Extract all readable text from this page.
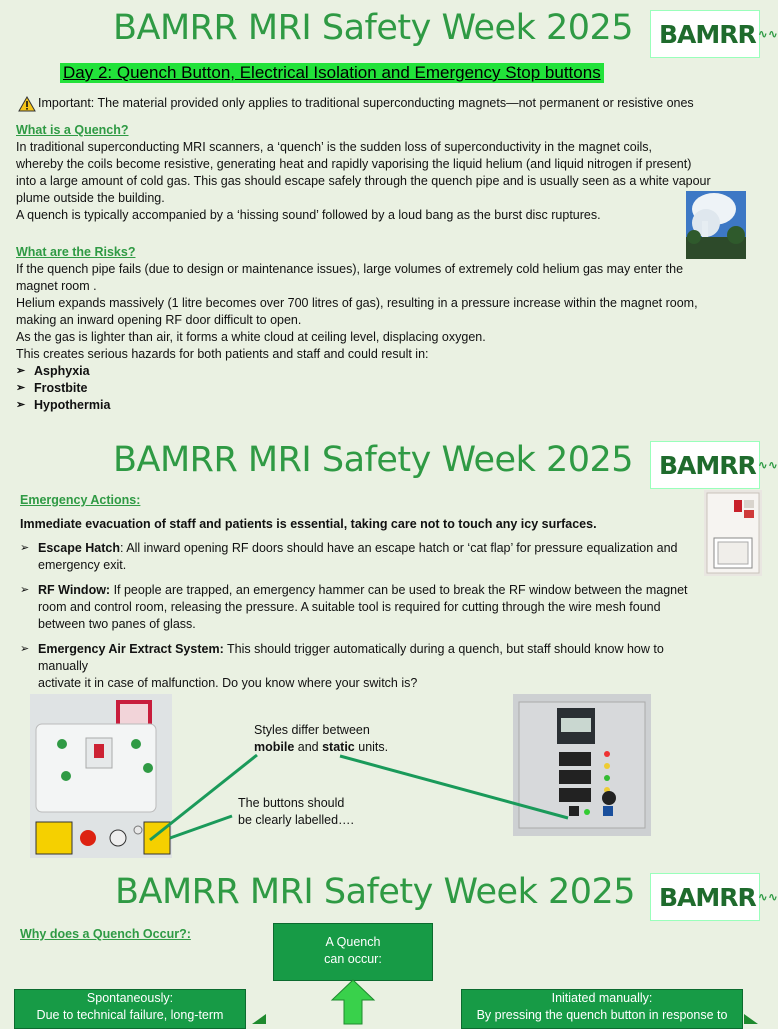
BAMRR MRI Safety Week 2025 BAMRR ∿∿
Day 2: Quench Button, Electrical Isolation and Emergency Stop buttons
Important: The material provided only applies to traditional superconducting magnets—not permanent or resistive ones
What is a Quench?

In traditional superconducting MRI scanners, a ‘quench’ is the sudden loss of superconductivity in the magnet coils,

whereby the coils become resistive, generating heat and rapidly vaporising the liquid helium (and liquid nitrogen if present)

into a large amount of cold gas. This gas should escape safely through the quench pipe and is usually seen as a white vapour

plume outside the building.

A quench is typically accompanied by a ‘hissing sound’ followed by a loud bang as the burst disc ruptures.

What are the Risks?

If the quench pipe fails (due to design or maintenance issues), large volumes of extremely cold helium gas may enter the

magnet room .

Helium expands massively (1 litre becomes over 700 litres of gas), resulting in a pressure increase within the magnet room,

making an inward opening RF door difficult to open.

As the gas is lighter than air, it forms a white cloud at ceiling level, displacing oxygen.

This creates serious hazards for both patients and staff and could result in:

➢ Asphyxia
➢ Frostbite
➢ Hypothermia
BAMRR MRI Safety Week 2025 BAMRR ∿∿
Emergency Actions:
Immediate evacuation of staff and patients is essential, taking care not to touch any icy surfaces.
➢ Escape Hatch: All inward opening RF doors should have an escape hatch or ‘cat flap’ for pressure equalization and
emergency exit.
➢ RF Window: If people are trapped, an emergency hammer can be used to break the RF window between the magnet
room and control room, releasing the pressure. A suitable tool is required for cutting through the wire mesh found
between two panes of glass.
➢ Emergency Air Extract System: This should trigger automatically during a quench, but staff should know how to manually
activate it in case of malfunction. Do you know where your switch is?
Styles differ between
mobile and static units.
The buttons should
be clearly labelled….
BAMRR MRI Safety Week 2025 BAMRR ∿∿
Why does a Quench Occur?:
A Quench
can occur:
Spontaneously:
Due to technical failure, long-term
Initiated manually:
By pressing the quench button in response to
